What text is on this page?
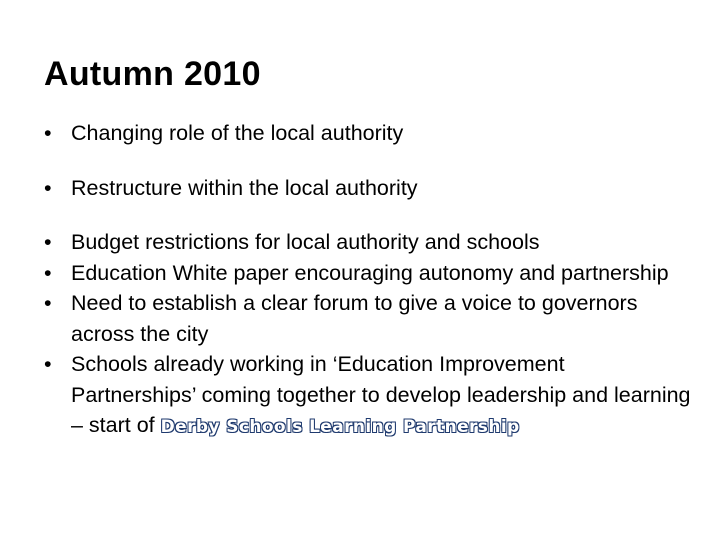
Autumn 2010
• Changing role of the local authority
• Restructure within the local authority
• Budget restrictions for local authority and schools
• Education White paper encouraging autonomy and partnership
• Need to establish a clear forum to give a voice to governors across the city
• Schools already working in ‘Education Improvement Partnerships’ coming together to develop leadership and learning – start of Derby Schools Learning Partnership
